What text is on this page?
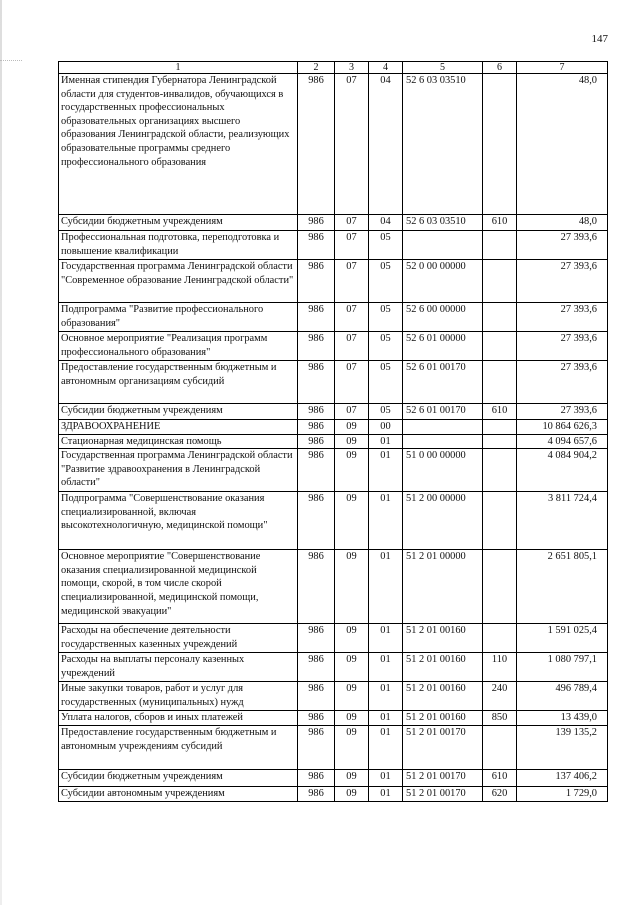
147
1	2	3	4	5	6	7
Именная стипендия Губернатора Ленинградской области для студентов-инвалидов, обучающихся в государственных профессиональных образовательных организациях высшего образования Ленинградской области, реализующих образовательные программы среднего профессионального образования	986	07	04	52 6 03 03510		48,0
Субсидии бюджетным учреждениям	986	07	04	52 6 03 03510	610	48,0
Профессиональная подготовка, переподготовка и повышение квалификации	986	07	05			27 393,6
Государственная программа Ленинградской области "Современное образование Ленинградской области"	986	07	05	52 0 00 00000		27 393,6
Подпрограмма "Развитие профессионального образования"	986	07	05	52 6 00 00000		27 393,6
Основное мероприятие "Реализация программ профессионального образования"	986	07	05	52 6 01 00000		27 393,6
Предоставление государственным бюджетным и автономным организациям субсидий	986	07	05	52 6 01 00170		27 393,6
Субсидии бюджетным учреждениям	986	07	05	52 6 01 00170	610	27 393,6
ЗДРАВООХРАНЕНИЕ	986	09	00			10 864 626,3
Стационарная медицинская помощь	986	09	01			4 094 657,6
Государственная программа Ленинградской области "Развитие здравоохранения в Ленинградской области"	986	09	01	51 0 00 00000		4 084 904,2
Подпрограмма "Совершенствование оказания специализированной, включая высокотехнологичную, медицинской помощи"	986	09	01	51 2 00 00000		3 811 724,4
Основное мероприятие "Совершенствование оказания специализированной медицинской помощи, скорой, в том числе скорой специализированной, медицинской помощи, медицинской эвакуации"	986	09	01	51 2 01 00000		2 651 805,1
Расходы на обеспечение деятельности государственных казенных учреждений	986	09	01	51 2 01 00160		1 591 025,4
Расходы на выплаты персоналу казенных учреждений	986	09	01	51 2 01 00160	110	1 080 797,1
Иные закупки товаров, работ и услуг для государственных (муниципальных) нужд	986	09	01	51 2 01 00160	240	496 789,4
Уплата налогов, сборов и иных платежей	986	09	01	51 2 01 00160	850	13 439,0
Предоставление государственным бюджетным и автономным учреждениям субсидий	986	09	01	51 2 01 00170		139 135,2
Субсидии бюджетным учреждениям	986	09	01	51 2 01 00170	610	137 406,2
Субсидии автономным учреждениям	986	09	01	51 2 01 00170	620	1 729,0
